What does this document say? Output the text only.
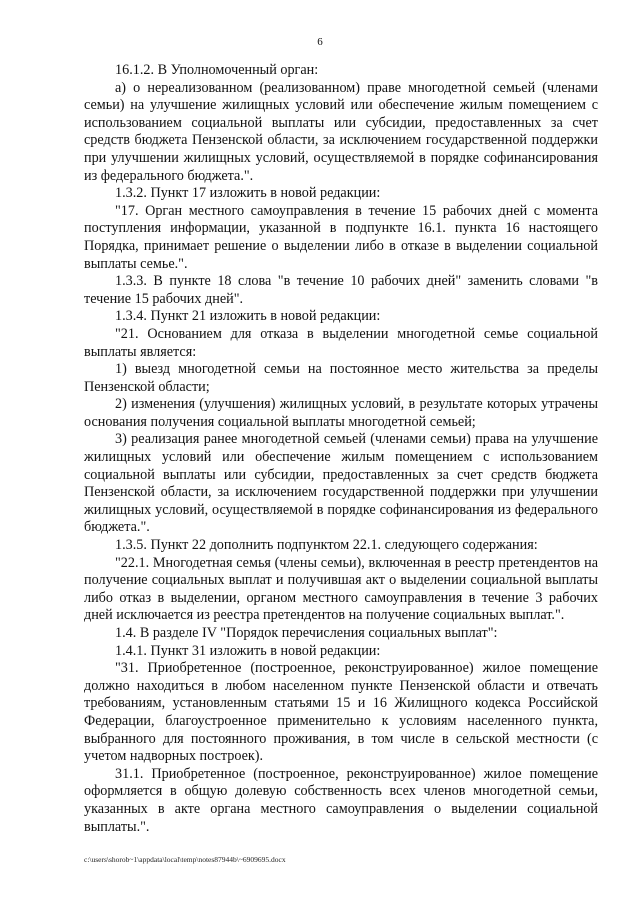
6

16.1.2. В Уполномоченный орган:

а) о нереализованном (реализованном) праве многодетной семьей (членами семьи) на улучшение жилищных условий или обеспечение жилым помещением с использованием социальной выплаты или субсидии, предоставленных за счет средств бюджета Пензенской области, за исключением государственной поддержки при улучшении жилищных условий, осуществляемой в порядке софинансирования из федерального бюджета.".

1.3.2. Пункт 17 изложить в новой редакции:

"17. Орган местного самоуправления в течение 15 рабочих дней с момента поступления информации, указанной в подпункте 16.1. пункта 16 настоящего Порядка, принимает решение о выделении либо в отказе в выделении социальной выплаты семье.".

1.3.3. В пункте 18 слова "в течение 10 рабочих дней" заменить словами "в течение 15 рабочих дней".

1.3.4. Пункт 21 изложить в новой редакции:

"21. Основанием для отказа в выделении многодетной семье социальной выплаты является:

1) выезд многодетной семьи на постоянное место жительства за пределы Пензенской области;

2) изменения (улучшения) жилищных условий, в результате которых утрачены основания получения социальной выплаты многодетной семьей;

3) реализация ранее многодетной семьей (членами семьи) права на улучшение жилищных условий или обеспечение жилым помещением с использованием социальной выплаты или субсидии, предоставленных за счет средств бюджета Пензенской области, за исключением государственной поддержки при улучшении жилищных условий, осуществляемой в порядке софинансирования из федерального бюджета.".

1.3.5. Пункт 22 дополнить подпунктом 22.1. следующего содержания:

"22.1. Многодетная семья (члены семьи), включенная в реестр претендентов на получение социальных выплат и получившая акт о выделении социальной выплаты либо отказ в выделении, органом местного самоуправления в течение 3 рабочих дней исключается из реестра претендентов на получение социальных выплат.".

1.4. В разделе IV "Порядок перечисления социальных выплат":

1.4.1. Пункт 31 изложить в новой редакции:

"31. Приобретенное (построенное, реконструированное) жилое помещение должно находиться в любом населенном пункте Пензенской области и отвечать требованиям, установленным статьями 15 и 16 Жилищного кодекса Российской Федерации, благоустроенное применительно к условиям населенного пункта, выбранного для постоянного проживания, в том числе в сельской местности (с учетом надворных построек).

31.1. Приобретенное (построенное, реконструированное) жилое помещение оформляется в общую долевую собственность всех членов многодетной семьи, указанных в акте органа местного самоуправления о выделении социальной выплаты.".

c:\users\shorob~1\appdata\local\temp\notes87944b\~6909695.docx
